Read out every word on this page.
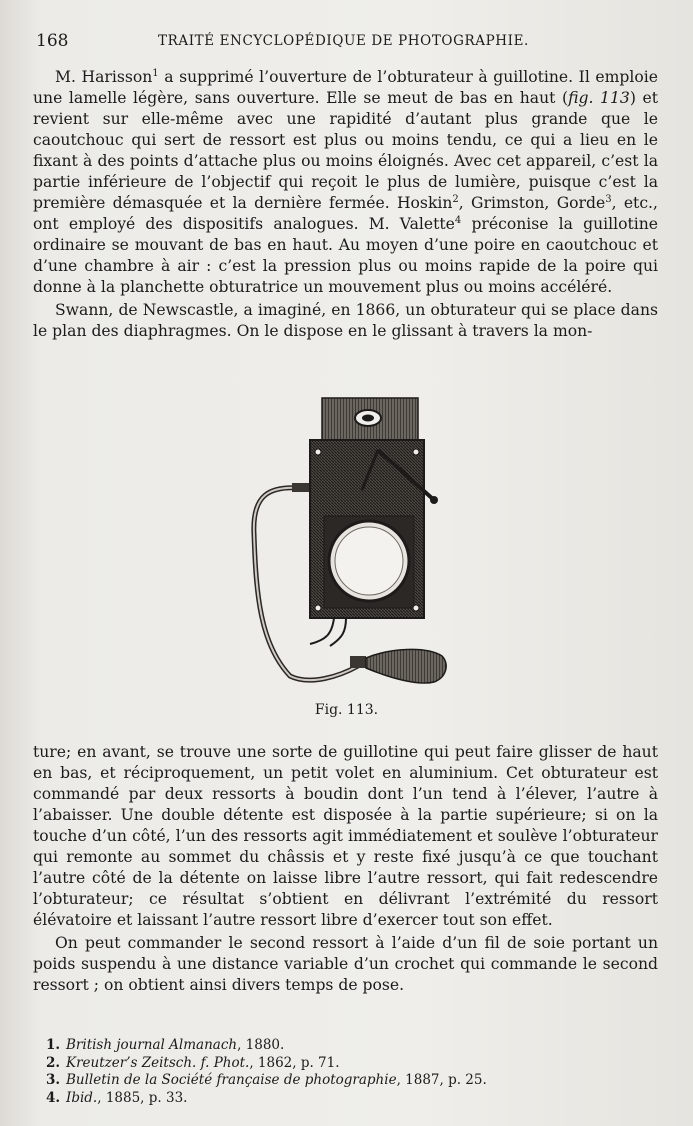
168	TRAITÉ ENCYCLOPÉDIQUE DE PHOTOGRAPHIE.

M. Harisson$^1$ a supprimé l’ouverture de l’obturateur à guillotine. Il emploie une lamelle légère, sans ouverture. Elle se meut de bas en haut (fig. 113) et revient sur elle-même avec une rapidité d’autant plus grande que le caoutchouc qui sert de ressort est plus ou moins tendu, ce qui a lieu en le fixant à des points d’attache plus ou moins éloignés. Avec cet appareil, c’est la partie inférieure de l’objectif qui reçoit le plus de lumière, puisque c’est la première démasquée et la dernière fermée. Hoskin$^2$, Grimston, Gorde$^3$, etc., ont employé des dispositifs analogues. M. Valette$^4$ préconise la guillotine ordinaire se mouvant de bas en haut. Au moyen d’une poire en caoutchouc et d’une chambre à air : c’est la pression plus ou moins rapide de la poire qui donne à la planchette obturatrice un mouvement plus ou moins accéléré.

Swann, de Newscastle, a imaginé, en 1866, un obturateur qui se place dans le plan des diaphragmes. On le dispose en le glissant à travers la mon-

Fig. 113.

ture; en avant, se trouve une sorte de guillotine qui peut faire glisser de haut en bas, et réciproquement, un petit volet en aluminium. Cet obturateur est commandé par deux ressorts à boudin dont l’un tend à l’élever, l’autre à l’abaisser. Une double détente est disposée à la partie supérieure; si on la touche d’un côté, l’un des ressorts agit immédiatement et soulève l’obturateur qui remonte au sommet du châssis et y reste fixé jusqu’à ce que touchant l’autre côté de la détente on laisse libre l’autre ressort, qui fait redescendre l’obturateur; ce résultat s’obtient en délivrant l’extrémité du ressort élévatoire et laissant l’autre ressort libre d’exercer tout son effet.

On peut commander le second ressort à l’aide d’un fil de soie portant un poids suspendu à une distance variable d’un crochet qui commande le second ressort ; on obtient ainsi divers temps de pose.

1. British journal Almanach, 1880.
2. Kreutzer’s Zeitsch. f. Phot., 1862, p. 71.
3. Bulletin de la Société française de photographie, 1887, p. 25.
4. Ibid., 1885, p. 33.
